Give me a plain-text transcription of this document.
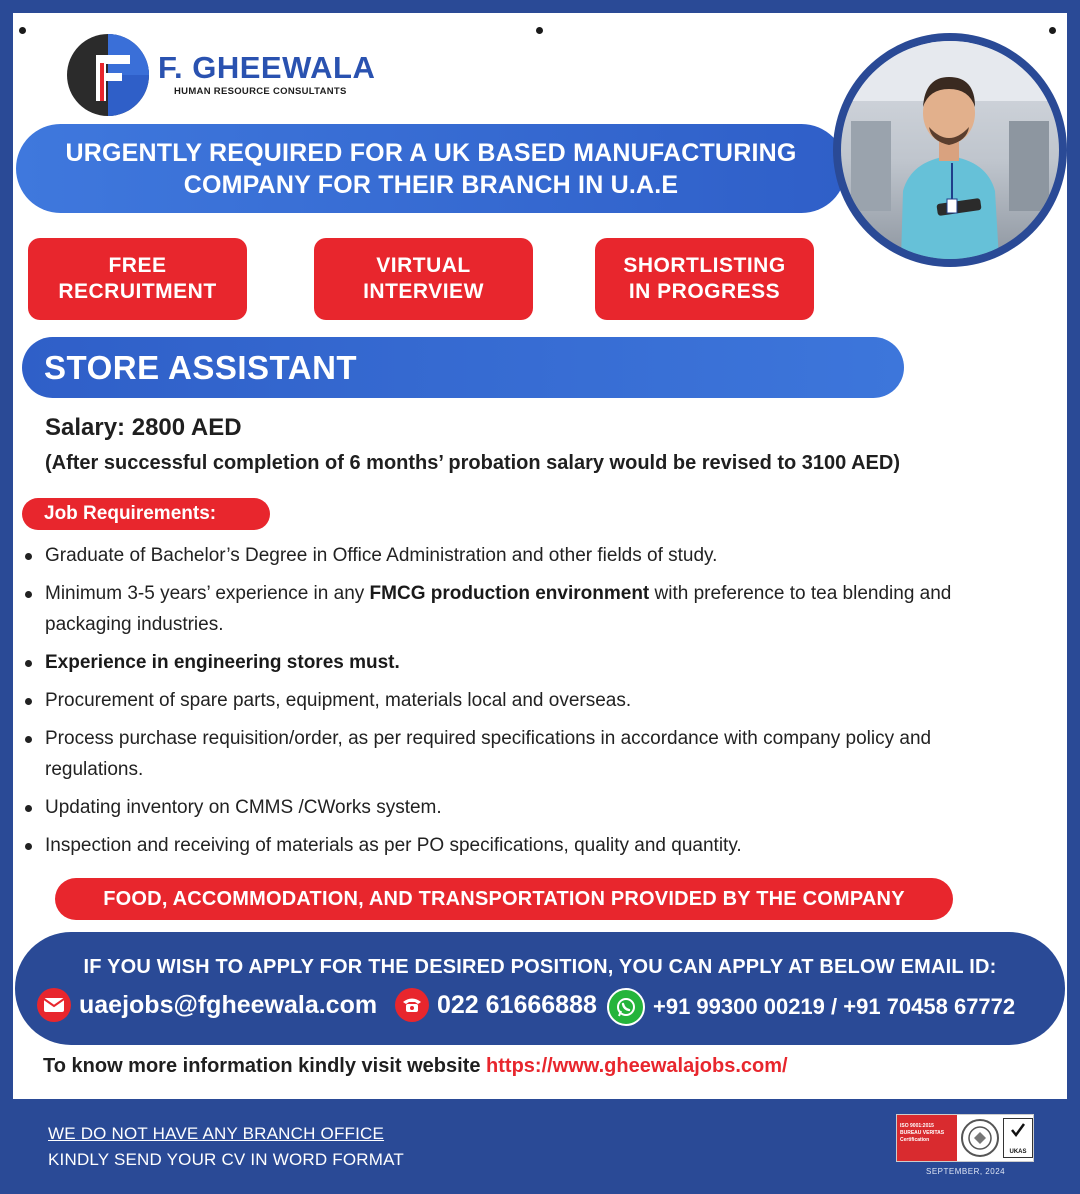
F. GHEEWALA
HUMAN RESOURCE CONSULTANTS
URGENTLY REQUIRED FOR A UK BASED MANUFACTURING
COMPANY FOR THEIR BRANCH IN U.A.E
FREE
RECRUITMENT
VIRTUAL
INTERVIEW
SHORTLISTING
IN PROGRESS
STORE ASSISTANT
Salary: 2800 AED
(After successful completion of 6 months’ probation salary would be revised to 3100 AED)
Job Requirements:
Graduate of Bachelor’s Degree in Office Administration and other fields of study.
Minimum 3-5 years’ experience in any FMCG production environment with preference to tea blending and packaging industries.
Experience in engineering stores must.
Procurement of spare parts, equipment, materials local and overseas.
Process purchase requisition/order, as per required specifications in accordance with company policy and regulations.
Updating inventory on CMMS /CWorks system.
Inspection and receiving of materials as per PO specifications, quality and quantity.
FOOD, ACCOMMODATION, AND TRANSPORTATION PROVIDED BY THE COMPANY
IF YOU WISH TO APPLY FOR THE DESIRED POSITION, YOU CAN APPLY AT BELOW EMAIL ID:
uaejobs@fgheewala.com 022 61666888	+91 99300 00219 / +91 70458 67772
To know more information kindly visit website https://www.gheewalajobs.com/
WE DO NOT HAVE ANY BRANCH OFFICE
KINDLY SEND YOUR CV IN WORD FORMAT
ISO 9001:2015 BUREAU VERITAS Certification
UKAS
SEPTEMBER, 2024
